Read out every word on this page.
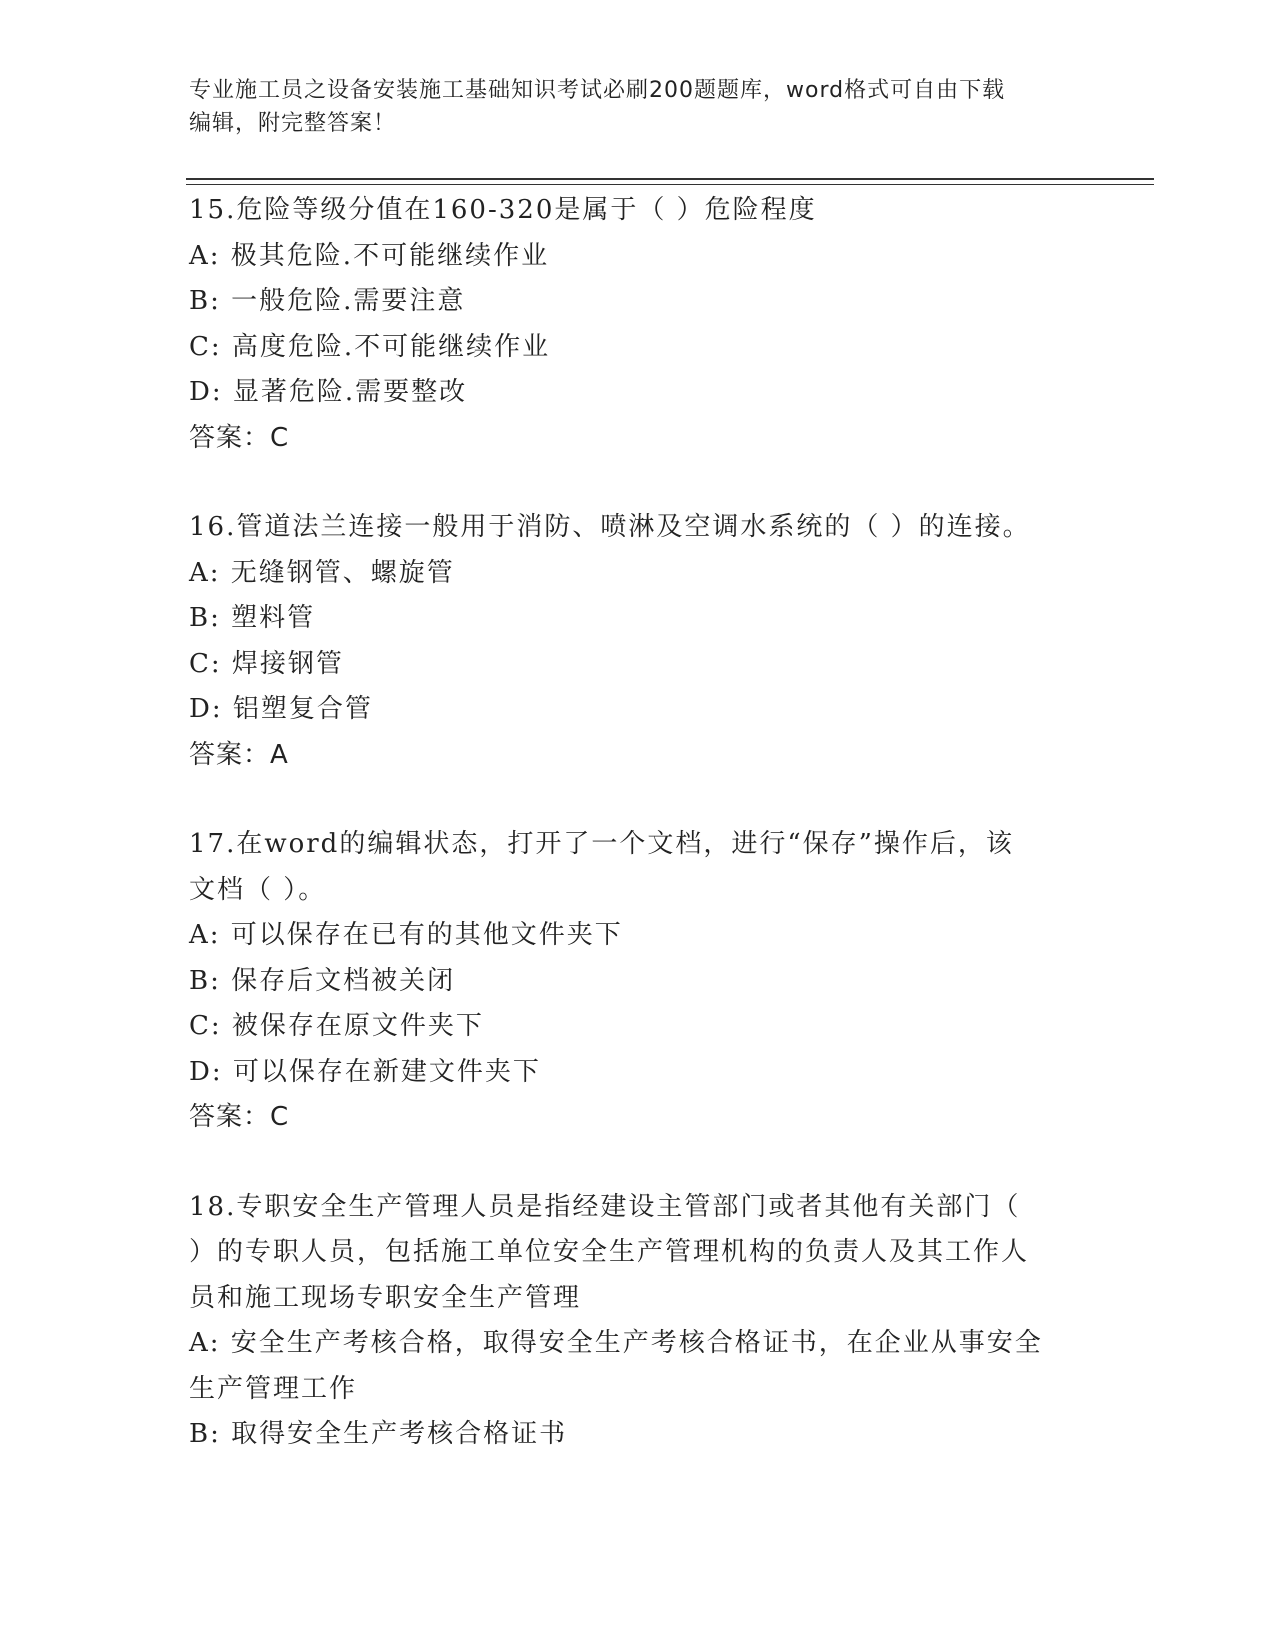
专业施工员之设备安装施工基础知识考试必刷200题题库，word格式可自由下载
编辑，附完整答案！
15.危险等级分值在160-320是属于（ ）危险程度
A: 极其危险.不可能继续作业
B: 一般危险.需要注意
C: 高度危险.不可能继续作业
D: 显著危险.需要整改
答案：C
16.管道法兰连接一般用于消防、喷淋及空调水系统的（ ）的连接。
A: 无缝钢管、螺旋管
B: 塑料管
C: 焊接钢管
D: 铝塑复合管
答案：A
17.在word的编辑状态，打开了一个文档，进行“保存”操作后，该
文档（ ）。
A: 可以保存在已有的其他文件夹下
B: 保存后文档被关闭
C: 被保存在原文件夹下
D: 可以保存在新建文件夹下
答案：C
18.专职安全生产管理人员是指经建设主管部门或者其他有关部门（
）的专职人员，包括施工单位安全生产管理机构的负责人及其工作人
员和施工现场专职安全生产管理
A: 安全生产考核合格，取得安全生产考核合格证书，在企业从事安全
生产管理工作
B: 取得安全生产考核合格证书
